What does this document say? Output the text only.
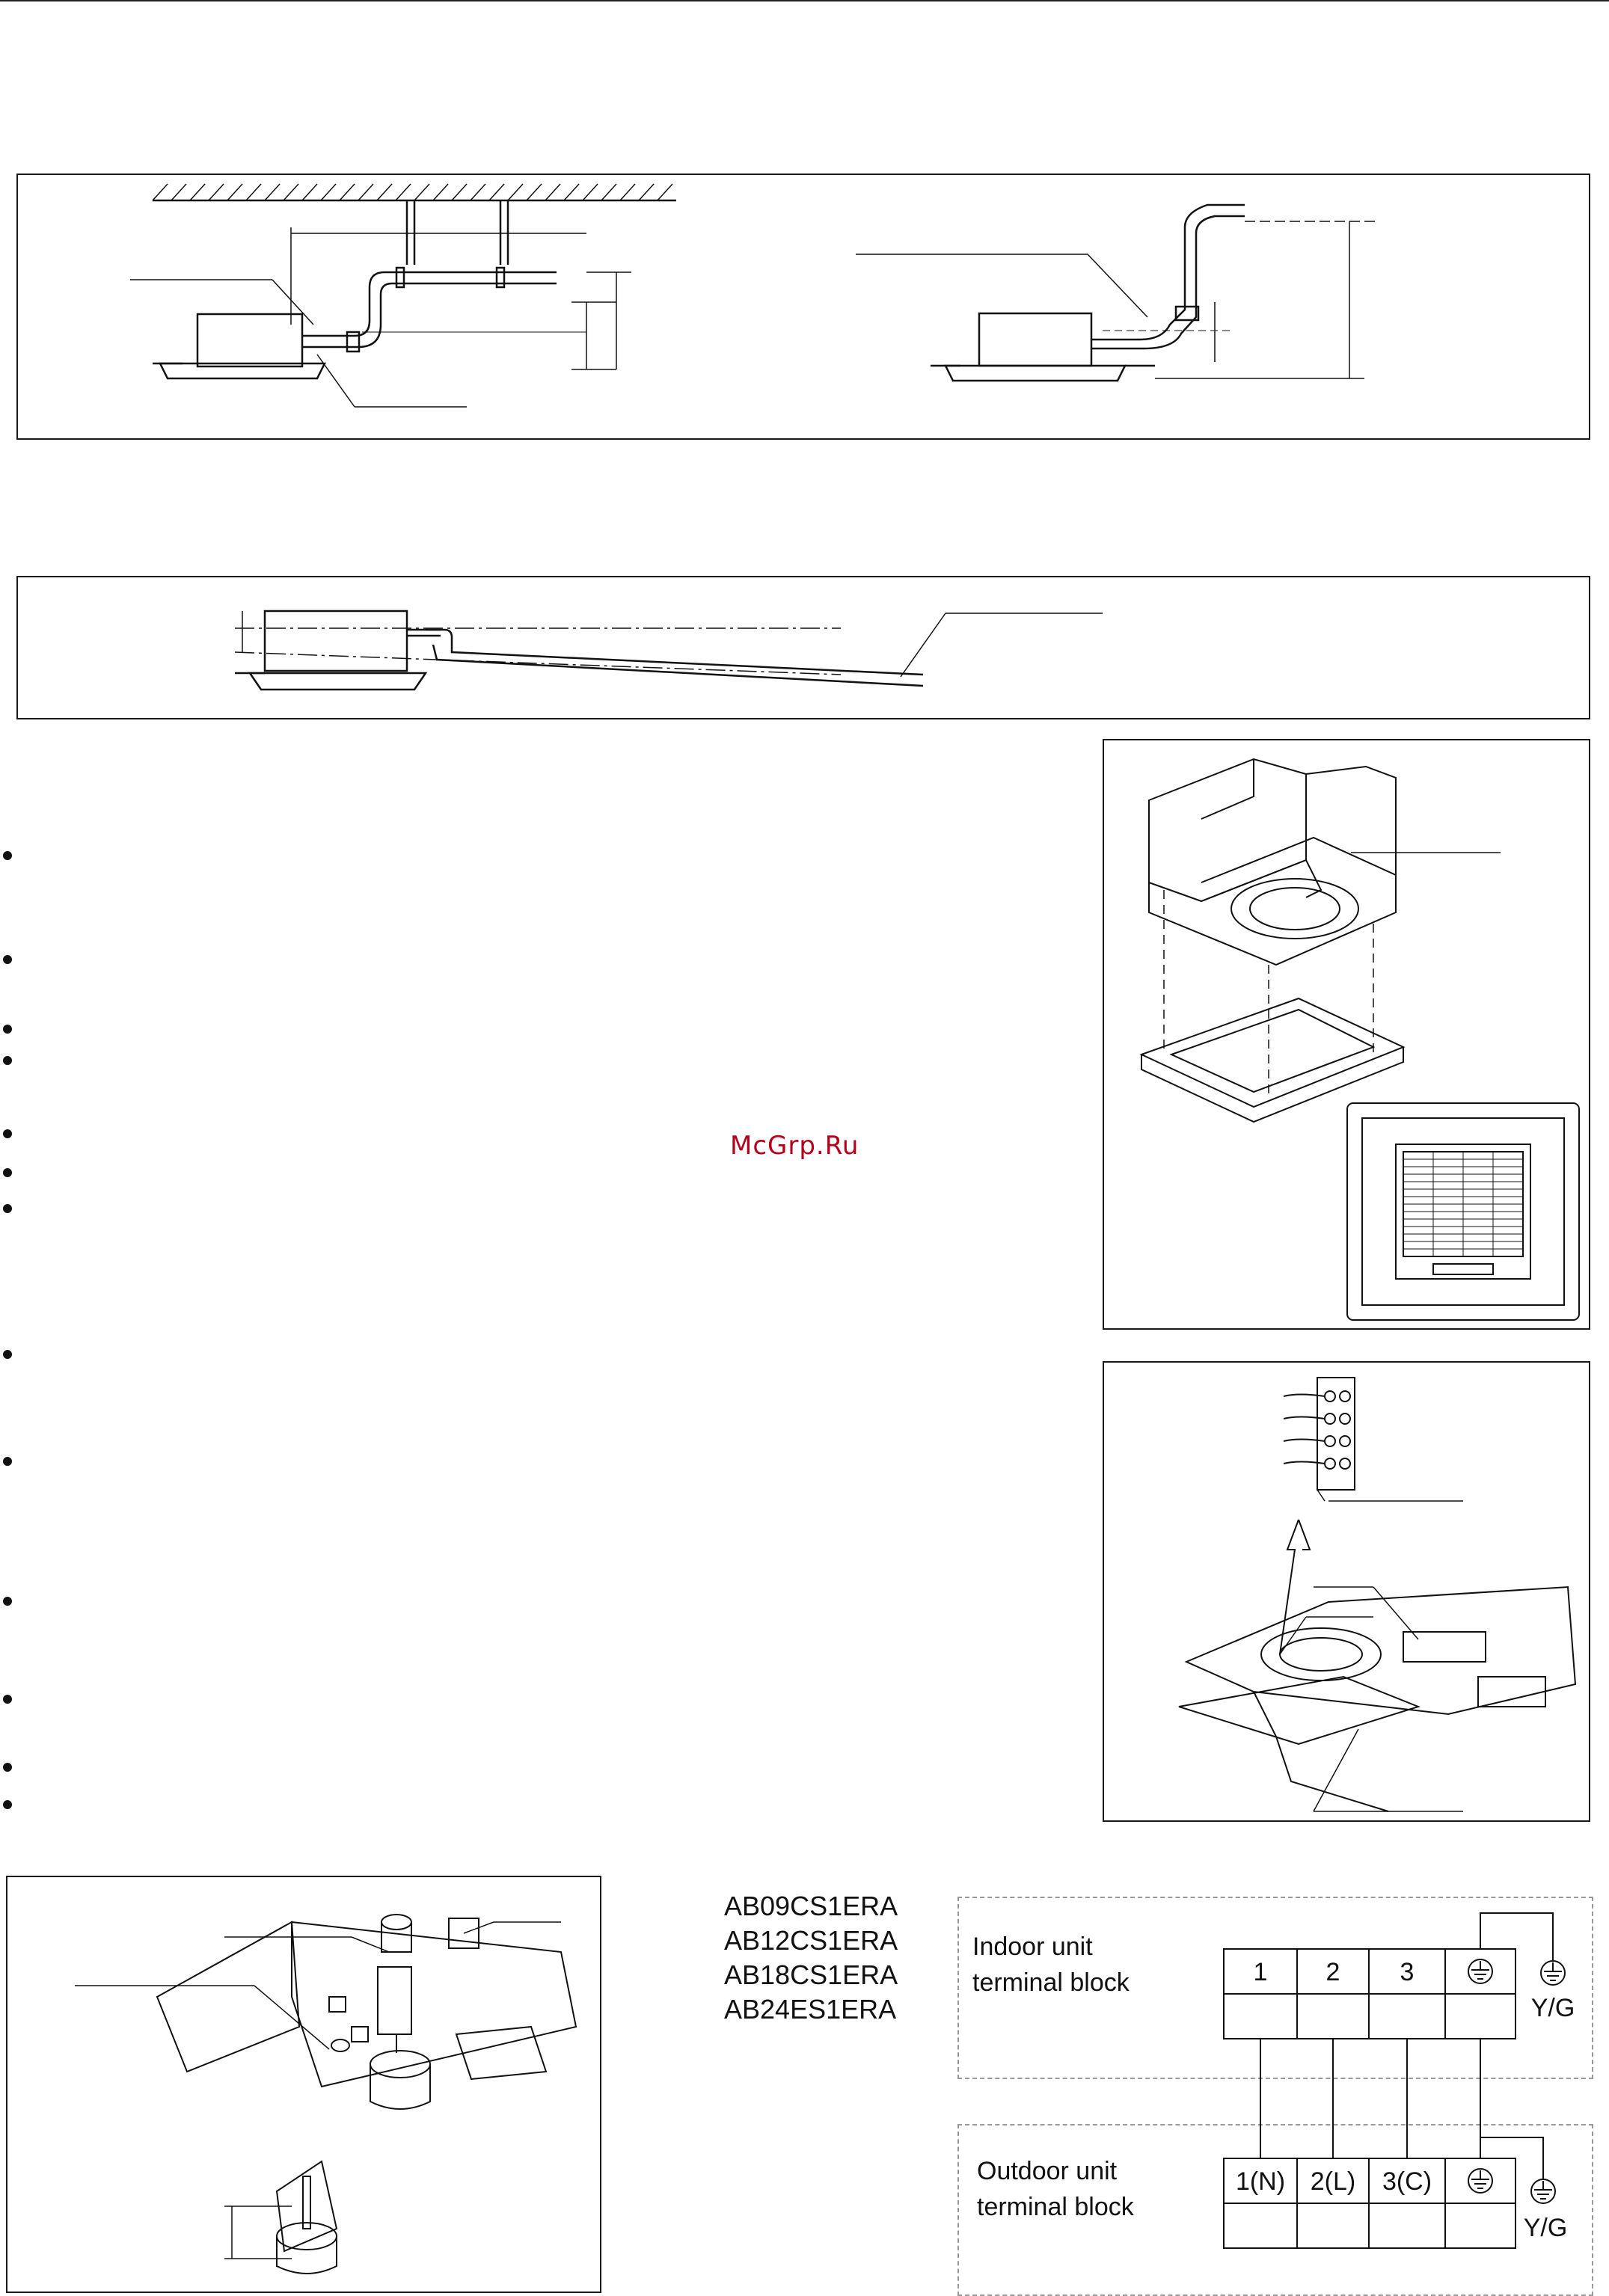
McGrp.Ru
AB09CS1ERA
AB12CS1ERA
AB18CS1ERA
AB24ES1ERA
Indoor unit
terminal block
Outdoor unit
terminal block
1 2 3
1(N) 2(L) 3(C)
Y/G
Y/G
